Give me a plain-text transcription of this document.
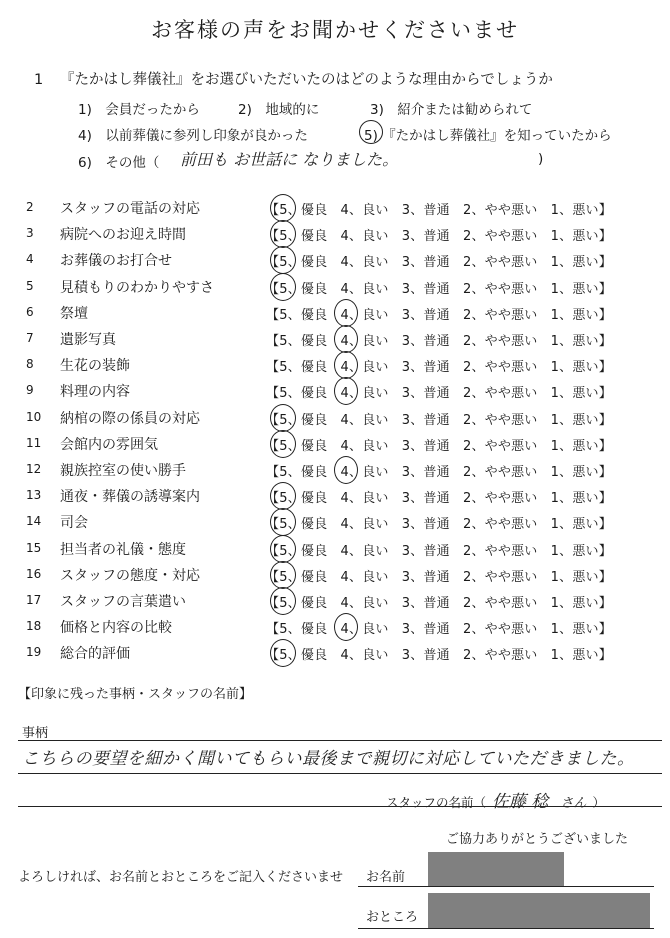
お客様の声をお聞かせくださいませ
1 『たかはし葬儀社』をお選びいただいたのはどのような理由からでしょうか
1)　会員だったから	2)　地域的に	3)　紹介または勧められて
4)　以前葬儀に参列し印象が良かった	5) 『たかはし葬儀社』を知っていたから
6)　その他（ 前田も お世話に なりました。	)
2	スタッフの電話の対応	【5、優良　4、良い　3、普通　2、やや悪い　1、悪い】
3	病院へのお迎え時間	【5、優良　4、良い　3、普通　2、やや悪い　1、悪い】
4	お葬儀のお打合せ	【5、優良　4、良い　3、普通　2、やや悪い　1、悪い】
5	見積もりのわかりやすさ	【5、優良　4、良い　3、普通　2、やや悪い　1、悪い】
6	祭壇	【5、優良　4、良い　3、普通　2、やや悪い　1、悪い】
7	遺影写真	【5、優良　4、良い　3、普通　2、やや悪い　1、悪い】
8	生花の装飾	【5、優良　4、良い　3、普通　2、やや悪い　1、悪い】
9	料理の内容	【5、優良　4、良い　3、普通　2、やや悪い　1、悪い】
10	納棺の際の係員の対応	【5、優良　4、良い　3、普通　2、やや悪い　1、悪い】
11	会館内の雰囲気	【5、優良　4、良い　3、普通　2、やや悪い　1、悪い】
12	親族控室の使い勝手	【5、優良　4、良い　3、普通　2、やや悪い　1、悪い】
13	通夜・葬儀の誘導案内	【5、優良　4、良い　3、普通　2、やや悪い　1、悪い】
14	司会	【5、優良　4、良い　3、普通　2、やや悪い　1、悪い】
15	担当者の礼儀・態度	【5、優良　4、良い　3、普通　2、やや悪い　1、悪い】
16	スタッフの態度・対応	【5、優良　4、良い　3、普通　2、やや悪い　1、悪い】
17	スタッフの言葉遣い	【5、優良　4、良い　3、普通　2、やや悪い　1、悪い】
18	価格と内容の比較	【5、優良　4、良い　3、普通　2、やや悪い　1、悪い】
19	総合的評価	【5、優良　4、良い　3、普通　2、やや悪い　1、悪い】
【印象に残った事柄・スタッフの名前】
事柄
こちらの要望を細かく聞いてもらい最後まで親切に対応していただきました。
スタッフの名前（ 佐藤 稔 さん ）
ご協力ありがとうございました
よろしければ、お名前とおところをご記入くださいませ お名前
おところ
